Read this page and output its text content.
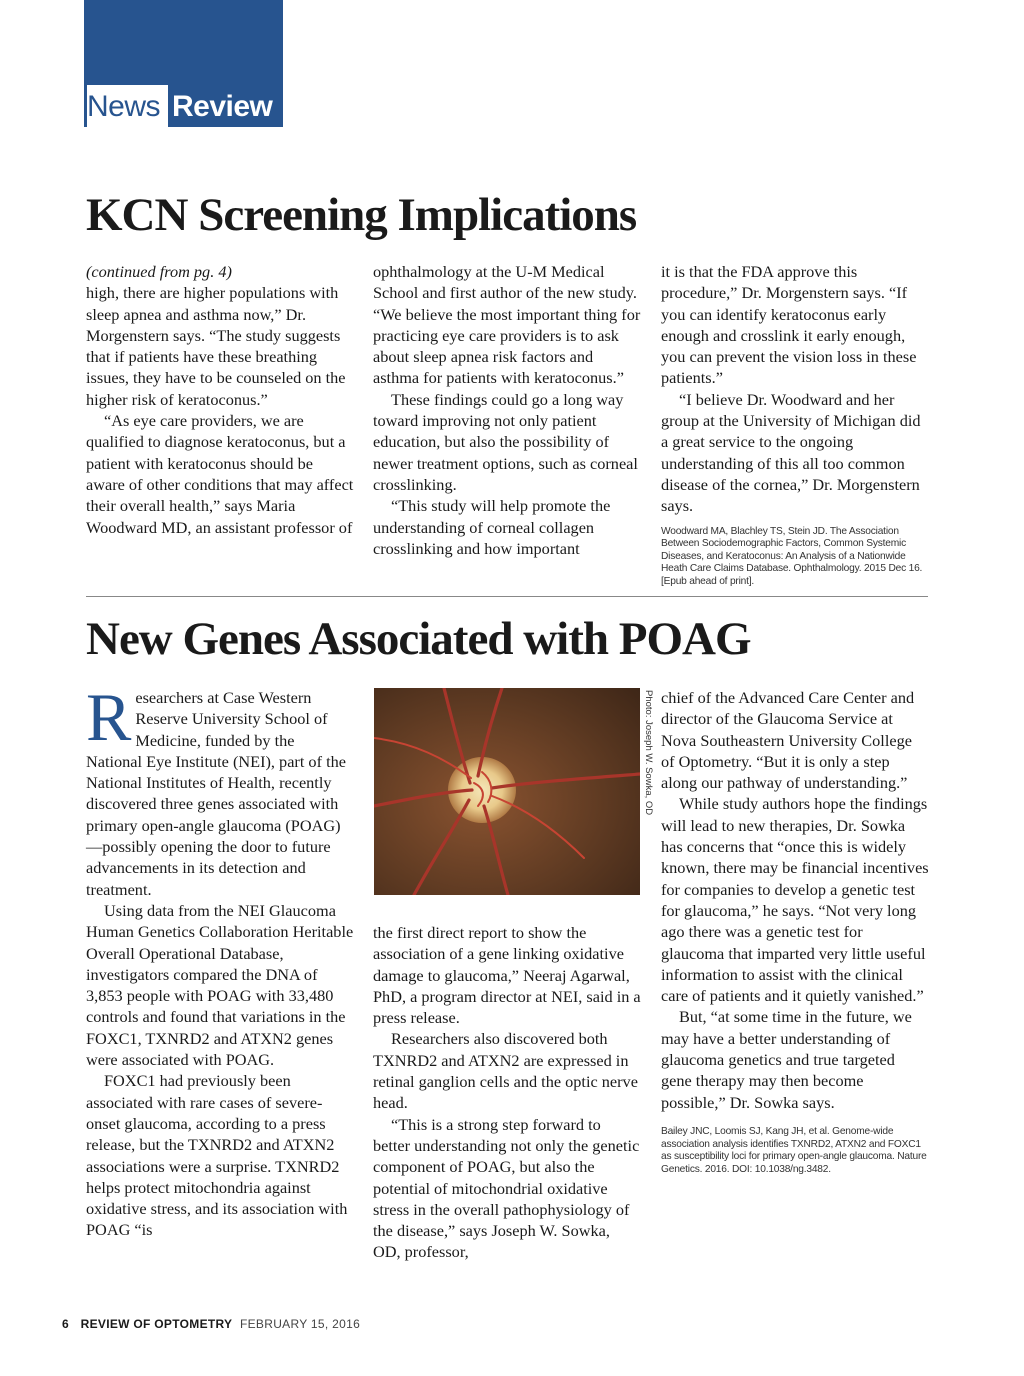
News Review
KCN Screening Implications

(continued from pg. 4)

high, there are higher populations with sleep apnea and asthma now,” Dr. Morgenstern says. “The study suggests that if patients have these breathing issues, they have to be counseled on the higher risk of keratoconus.”

“As eye care providers, we are qualified to diagnose keratoconus, but a patient with keratoconus should be aware of other conditions that may affect their overall health,” says Maria Woodward MD, an assistant professor of

ophthalmology at the U-M Medical School and first author of the new study. “We believe the most important thing for practicing eye care providers is to ask about sleep apnea risk factors and asthma for patients with keratoconus.”

These findings could go a long way toward improving not only patient education, but also the possibility of newer treatment options, such as corneal crosslinking.

“This study will help promote the understanding of corneal collagen crosslinking and how important

it is that the FDA approve this procedure,” Dr. Morgenstern says. “If you can identify keratoconus early enough and crosslink it early enough, you can prevent the vision loss in these patients.”

“I believe Dr. Woodward and her group at the University of Michigan did a great service to the ongoing understanding of this all too common disease of the cornea,” Dr. Morgenstern says.

Woodward MA, Blachley TS, Stein JD. The Association Between Sociodemographic Factors, Common Systemic Diseases, and Keratoconus: An Analysis of a Nationwide Heath Care Claims Database. Ophthalmology. 2015 Dec 16. [Epub ahead of print].

New Genes Associated with POAG

Researchers at Case Western Reserve University School of Medicine, funded by the National Eye Institute (NEI), part of the National Institutes of Health, recently discovered three genes associated with primary open-angle glaucoma (POAG)—possibly opening the door to future advancements in its detection and treatment.

Using data from the NEI Glaucoma Human Genetics Collaboration Heritable Overall Operational Database, investigators compared the DNA of 3,853 people with POAG with 33,480 controls and found that variations in the FOXC1, TXNRD2 and ATXN2 genes were associated with POAG.

FOXC1 had previously been associated with rare cases of severe-onset glaucoma, according to a press release, but the TXNRD2 and ATXN2 associations were a surprise. TXNRD2 helps protect mitochondria against oxidative stress, and its association with POAG “is

Photo: Joseph W. Sowka, OD

the first direct report to show the association of a gene linking oxidative damage to glaucoma,” Neeraj Agarwal, PhD, a program director at NEI, said in a press release.

Researchers also discovered both TXNRD2 and ATXN2 are expressed in retinal ganglion cells and the optic nerve head.

“This is a strong step forward to better understanding not only the genetic component of POAG, but also the potential of mitochondrial oxidative stress in the overall pathophysiology of the disease,” says Joseph W. Sowka, OD, professor,

chief of the Advanced Care Center and director of the Glaucoma Service at Nova Southeastern University College of Optometry. “But it is only a step along our pathway of understanding.”

While study authors hope the findings will lead to new therapies, Dr. Sowka has concerns that “once this is widely known, there may be financial incentives for companies to develop a genetic test for glaucoma,” he says. “Not very long ago there was a genetic test for glaucoma that imparted very little useful information to assist with the clinical care of patients and it quietly vanished.”

But, “at some time in the future, we may have a better understanding of glaucoma genetics and true targeted gene therapy may then become possible,” Dr. Sowka says.

Bailey JNC, Loomis SJ, Kang JH, et al. Genome-wide association analysis identifies TXNRD2, ATXN2 and FOXC1 as susceptibility loci for primary open-angle glaucoma. Nature Genetics. 2016. DOI: 10.1038/ng.3482.

6 REVIEW OF OPTOMETRY FEBRUARY 15, 2016
